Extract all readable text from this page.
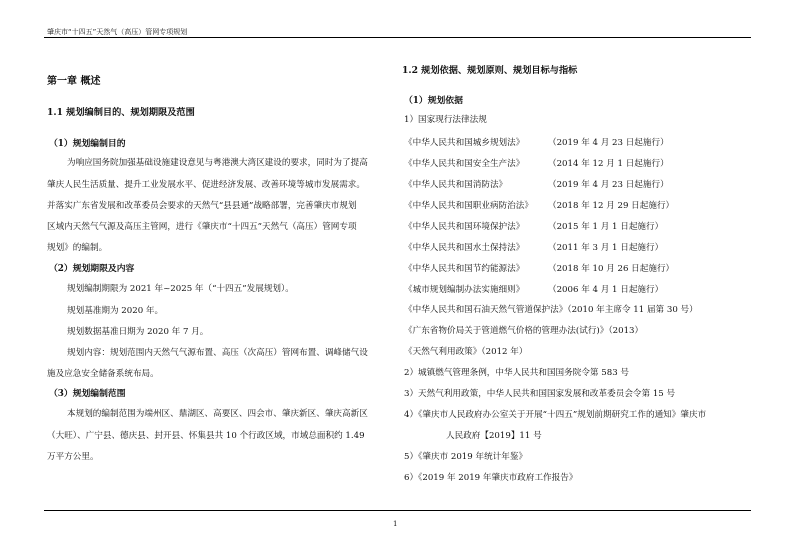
肇庆市“十四五”天然气（高压）管网专项规划
第一章 概述
1.1 规划编制目的、规划期限及范围
（1）规划编制目的
为响应国务院加强基础设施建设意见与粤港澳大湾区建设的要求，同时为了提高
肇庆人民生活质量、提升工业发展水平、促进经济发展、改善环境等城市发展需求。
并落实广东省发展和改革委员会要求的天然气“县县通”战略部署，完善肇庆市规划
区域内天然气气源及高压主管网，进行《肇庆市“十四五”天然气（高压）管网专项
规划》的编制。
（2）规划期限及内容
规划编制期限为 2021 年~2025 年（“十四五”发展规划）。
规划基准期为 2020 年。
规划数据基准日期为 2020 年 7 月。
规划内容：规划范围内天然气气源布置、高压（次高压）管网布置、调峰储气设
施及应急安全储备系统布局。
（3）规划编制范围
本规划的编制范围为端州区、鼎湖区、高要区、四会市、肇庆新区、肇庆高新区
（大旺）、广宁县、德庆县、封开县、怀集县共 10 个行政区域，市域总面积约 1.49
万平方公里。
1.2 规划依据、规划原则、规划目标与指标
（1）规划依据
1）国家现行法律法规
《中华人民共和国城乡规划法》	（2019 年 4 月 23 日起施行）
《中华人民共和国安全生产法》	（2014 年 12 月 1 日起施行）
《中华人民共和国消防法》	（2019 年 4 月 23 日起施行）
《中华人民共和国职业病防治法》 （2018 年 12 月 29 日起施行）
《中华人民共和国环境保护法》	（2015 年 1 月 1 日起施行）
《中华人民共和国水土保持法》	（2011 年 3 月 1 日起施行）
《中华人民共和国节约能源法》	（2018 年 10 月 26 日起施行）
《城市规划编制办法实施细则》	（2006 年 4 月 1 日起施行）
《中华人民共和国石油天然气管道保护法》（2010 年主席令 11 届第 30 号）
《广东省物价局关于管道燃气价格的管理办法(试行)》（2013）
《天然气利用政策》（2012 年）
2）城镇燃气管理条例，中华人民共和国国务院令第 583 号
3）天然气利用政策，中华人民共和国国家发展和改革委员会令第 15 号
4）《肇庆市人民政府办公室关于开展“十四五”规划前期研究工作的通知》肇庆市
人民政府【2019】11 号
5）《肇庆市 2019 年统计年鉴》
6）《2019 年 2019 年肇庆市政府工作报告》
1
